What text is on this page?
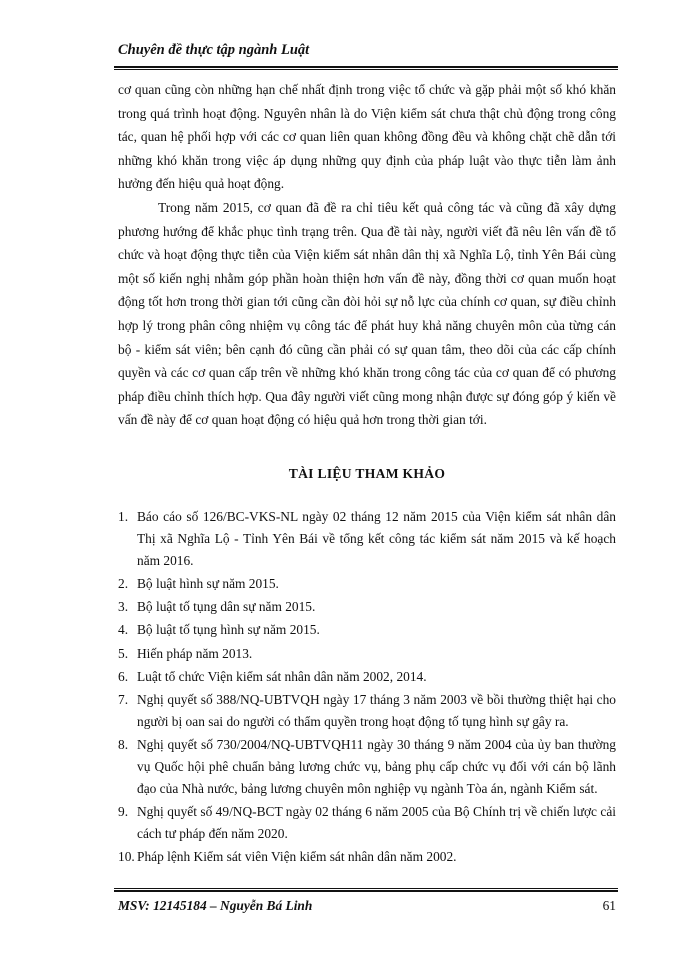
Chuyên đề thực tập ngành Luật

cơ quan cũng còn những hạn chế nhất định trong việc tổ chức và gặp phải một số khó khăn trong quá trình hoạt động. Nguyên nhân là do Viện kiểm sát chưa thật chủ động trong công tác, quan hệ phối hợp với các cơ quan liên quan không đồng đều và không chặt chẽ dẫn tới những khó khăn trong việc áp dụng những quy định của pháp luật vào thực tiễn làm ảnh hưởng đến hiệu quả hoạt động.

Trong năm 2015, cơ quan đã đề ra chỉ tiêu kết quả công tác và cũng đã xây dựng phương hướng để khắc phục tình trạng trên. Qua đề tài này, người viết đã nêu lên vấn đề tổ chức và hoạt động thực tiễn của Viện kiểm sát nhân dân thị xã Nghĩa Lộ, tỉnh Yên Bái cùng một số kiến nghị nhằm góp phần hoàn thiện hơn vấn đề này, đồng thời cơ quan muốn hoạt động tốt hơn trong thời gian tới cũng cần đòi hỏi sự nỗ lực của chính cơ quan, sự điều chỉnh hợp lý trong phân công nhiệm vụ công tác để phát huy khả năng chuyên môn của từng cán bộ - kiểm sát viên; bên cạnh đó cũng cần phải có sự quan tâm, theo dõi của các cấp chính quyền và các cơ quan cấp trên về những khó khăn trong công tác của cơ quan để có phương pháp điều chỉnh thích hợp. Qua đây người viết cũng mong nhận được sự đóng góp ý kiến về vấn đề này để cơ quan hoạt động có hiệu quả hơn trong thời gian tới.

TÀI LIỆU THAM KHẢO
1. Báo cáo số 126/BC-VKS-NL ngày 02 tháng 12 năm 2015 của Viện kiểm sát nhân dân Thị xã Nghĩa Lộ - Tỉnh Yên Bái về tổng kết công tác kiểm sát năm 2015 và kế hoạch năm 2016.
2. Bộ luật hình sự năm 2015.
3. Bộ luật tố tụng dân sự năm 2015.
4. Bộ luật tố tụng hình sự năm 2015.
5. Hiến pháp năm 2013.
6. Luật tổ chức Viện kiểm sát nhân dân năm 2002, 2014.
7. Nghị quyết số 388/NQ-UBTVQH ngày 17 tháng 3 năm 2003 về bồi thường thiệt hại cho người bị oan sai do người có thẩm quyền trong hoạt động tố tụng hình sự gây ra.
8. Nghị quyết số 730/2004/NQ-UBTVQH11 ngày 30 tháng 9 năm 2004 của ủy ban thường vụ Quốc hội phê chuẩn bảng lương chức vụ, bảng phụ cấp chức vụ đối với cán bộ lãnh đạo của Nhà nước, bảng lương chuyên môn nghiệp vụ ngành Tòa án, ngành Kiểm sát.
9. Nghị quyết số 49/NQ-BCT ngày 02 tháng 6 năm 2005 của Bộ Chính trị về chiến lược cải cách tư pháp đến năm 2020.
10. Pháp lệnh Kiểm sát viên Viện kiểm sát nhân dân năm 2002.
MSV: 12145184 – Nguyễn Bá Linh	61
